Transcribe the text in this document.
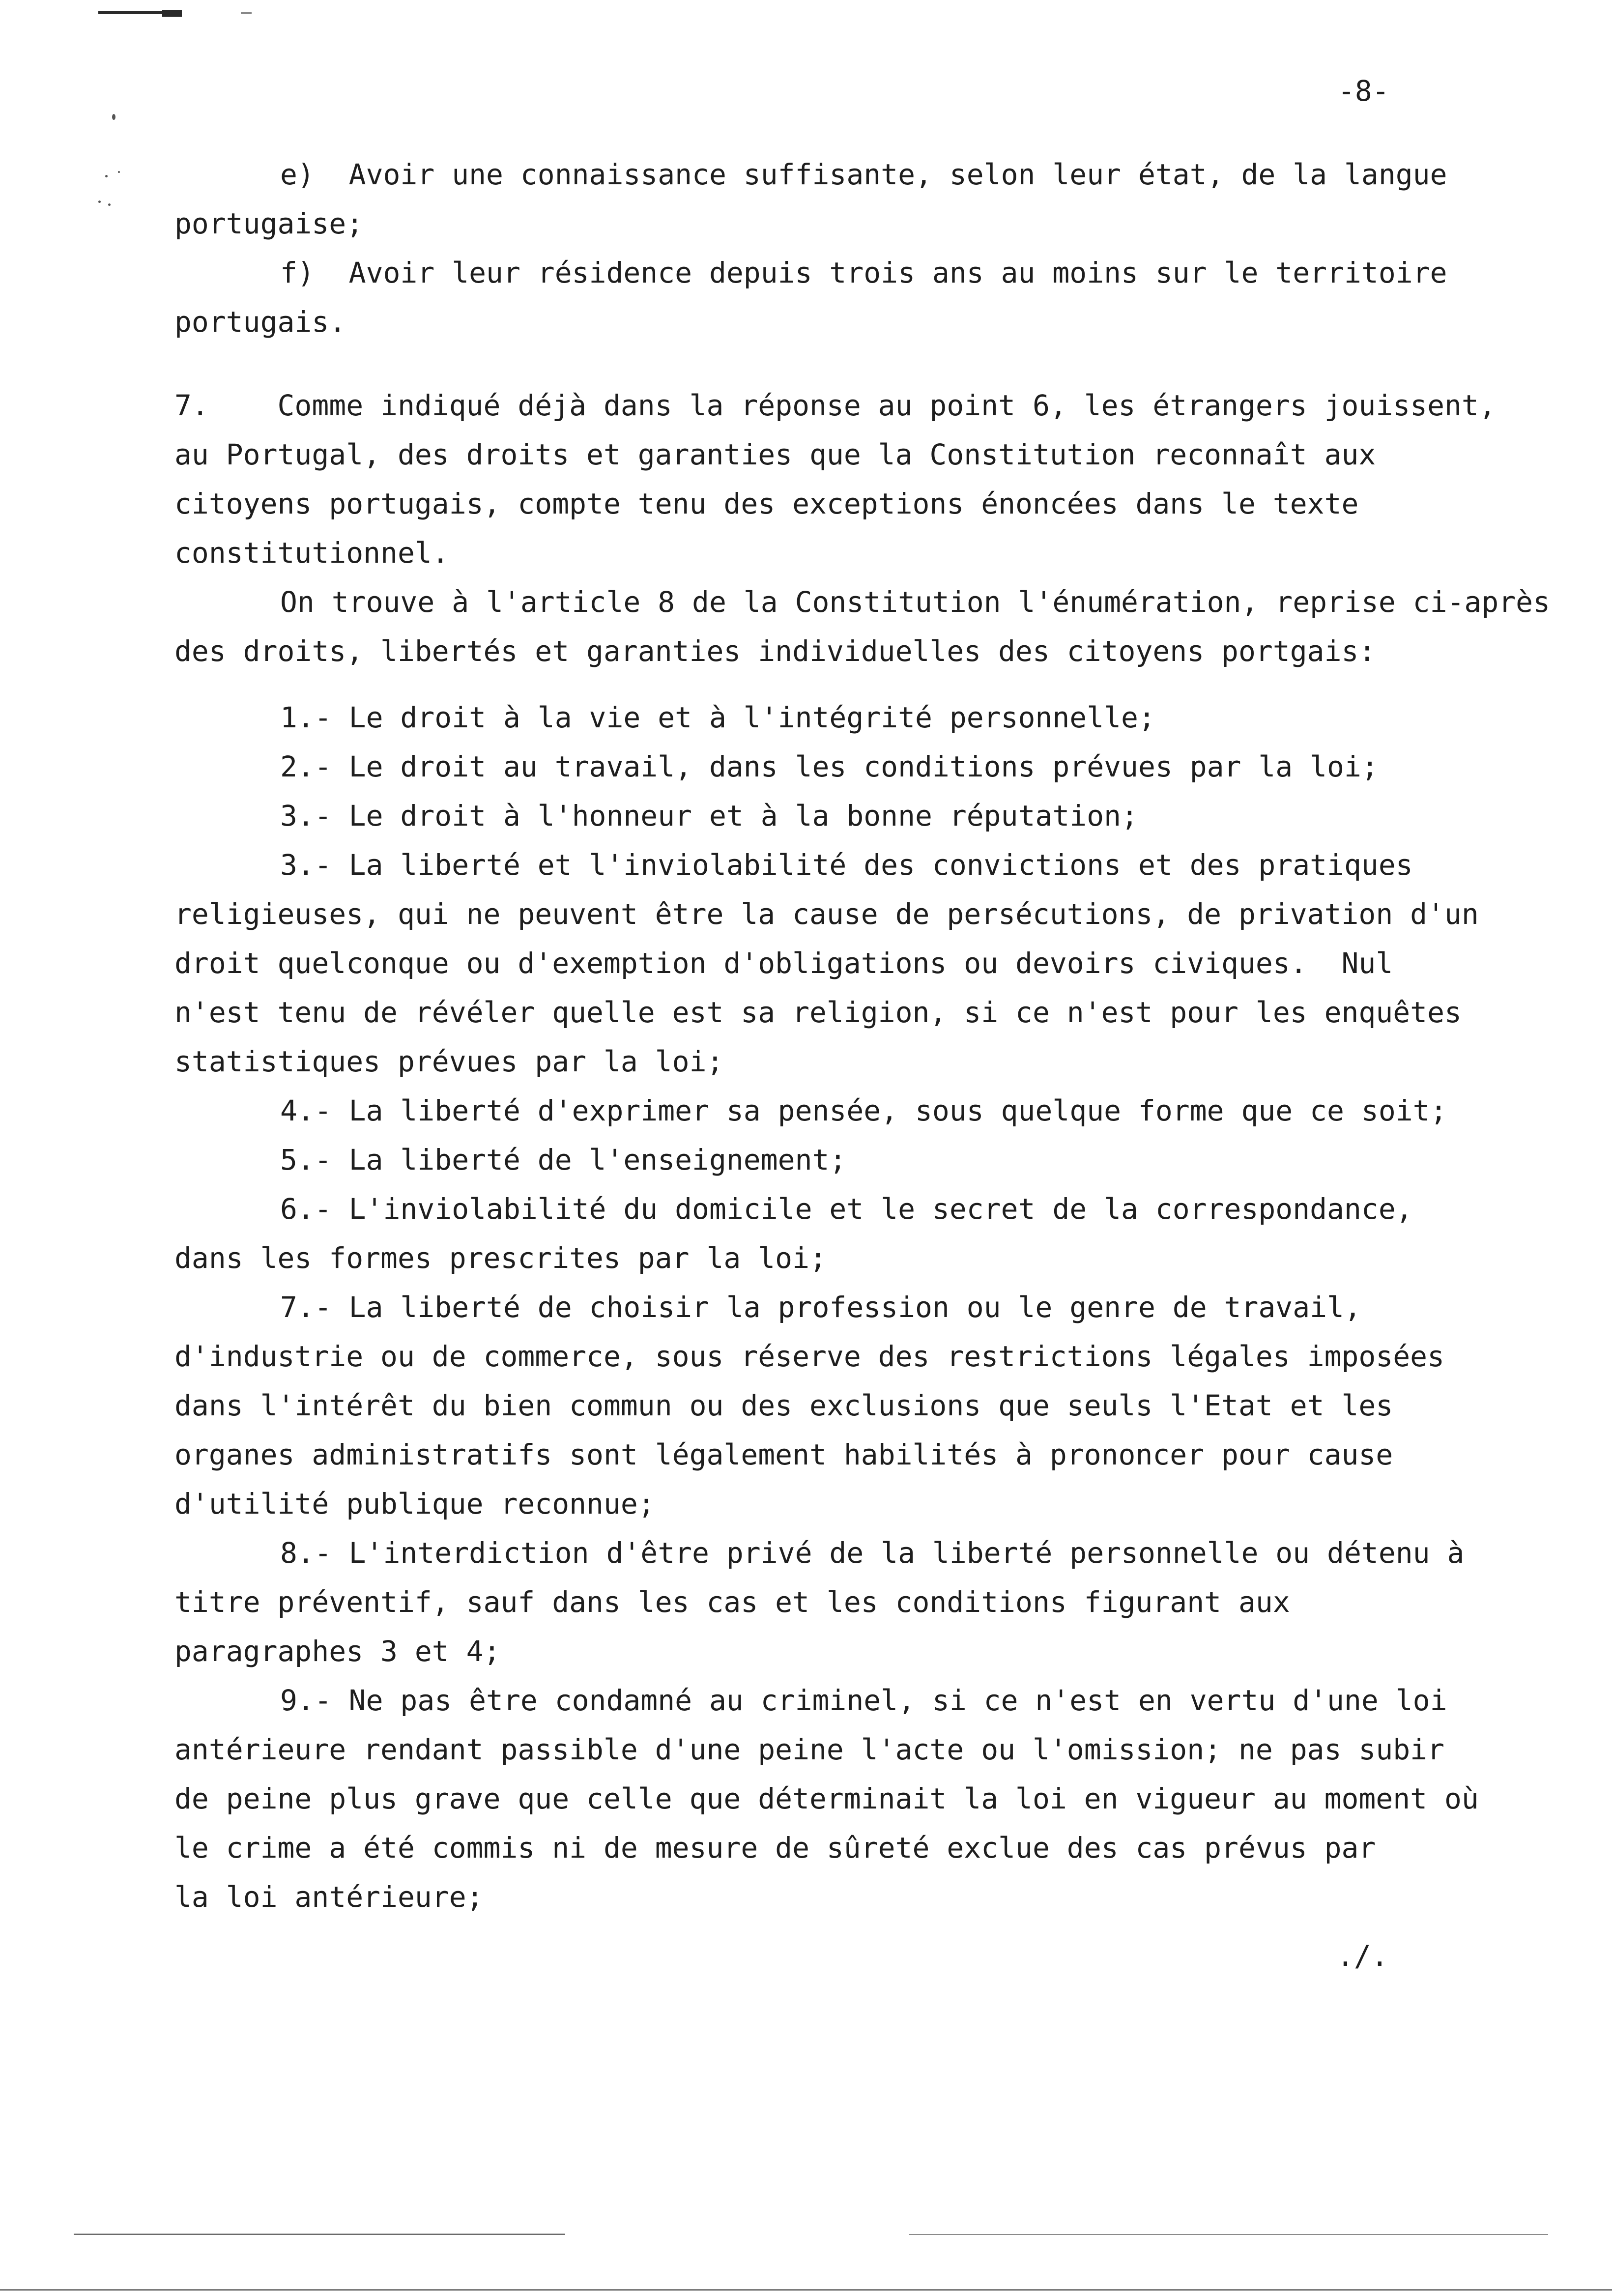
-8-
e)  Avoir une connaissance suffisante, selon leur état, de la langue
portugaise;
f)  Avoir leur résidence depuis trois ans au moins sur le territoire
portugais.
7.    Comme indiqué déjà dans la réponse au point 6, les étrangers jouissent,
au Portugal, des droits et garanties que la Constitution reconnaît aux
citoyens portugais, compte tenu des exceptions énoncées dans le texte
constitutionnel.
On trouve à l'article 8 de la Constitution l'énumération, reprise ci-après
des droits, libertés et garanties individuelles des citoyens portgais:
1.- Le droit à la vie et à l'intégrité personnelle;
2.- Le droit au travail, dans les conditions prévues par la loi;
3.- Le droit à l'honneur et à la bonne réputation;
3.- La liberté et l'inviolabilité des convictions et des pratiques
religieuses, qui ne peuvent être la cause de persécutions, de privation d'un
droit quelconque ou d'exemption d'obligations ou devoirs civiques.  Nul
n'est tenu de révéler quelle est sa religion, si ce n'est pour les enquêtes
statistiques prévues par la loi;
4.- La liberté d'exprimer sa pensée, sous quelque forme que ce soit;
5.- La liberté de l'enseignement;
6.- L'inviolabilité du domicile et le secret de la correspondance,
dans les formes prescrites par la loi;
7.- La liberté de choisir la profession ou le genre de travail,
d'industrie ou de commerce, sous réserve des restrictions légales imposées
dans l'intérêt du bien commun ou des exclusions que seuls l'Etat et les
organes administratifs sont légalement habilités à prononcer pour cause
d'utilité publique reconnue;
8.- L'interdiction d'être privé de la liberté personnelle ou détenu à
titre préventif, sauf dans les cas et les conditions figurant aux
paragraphes 3 et 4;
9.- Ne pas être condamné au criminel, si ce n'est en vertu d'une loi
antérieure rendant passible d'une peine l'acte ou l'omission; ne pas subir
de peine plus grave que celle que déterminait la loi en vigueur au moment où
le crime a été commis ni de mesure de sûreté exclue des cas prévus par
la loi antérieure;
./.
